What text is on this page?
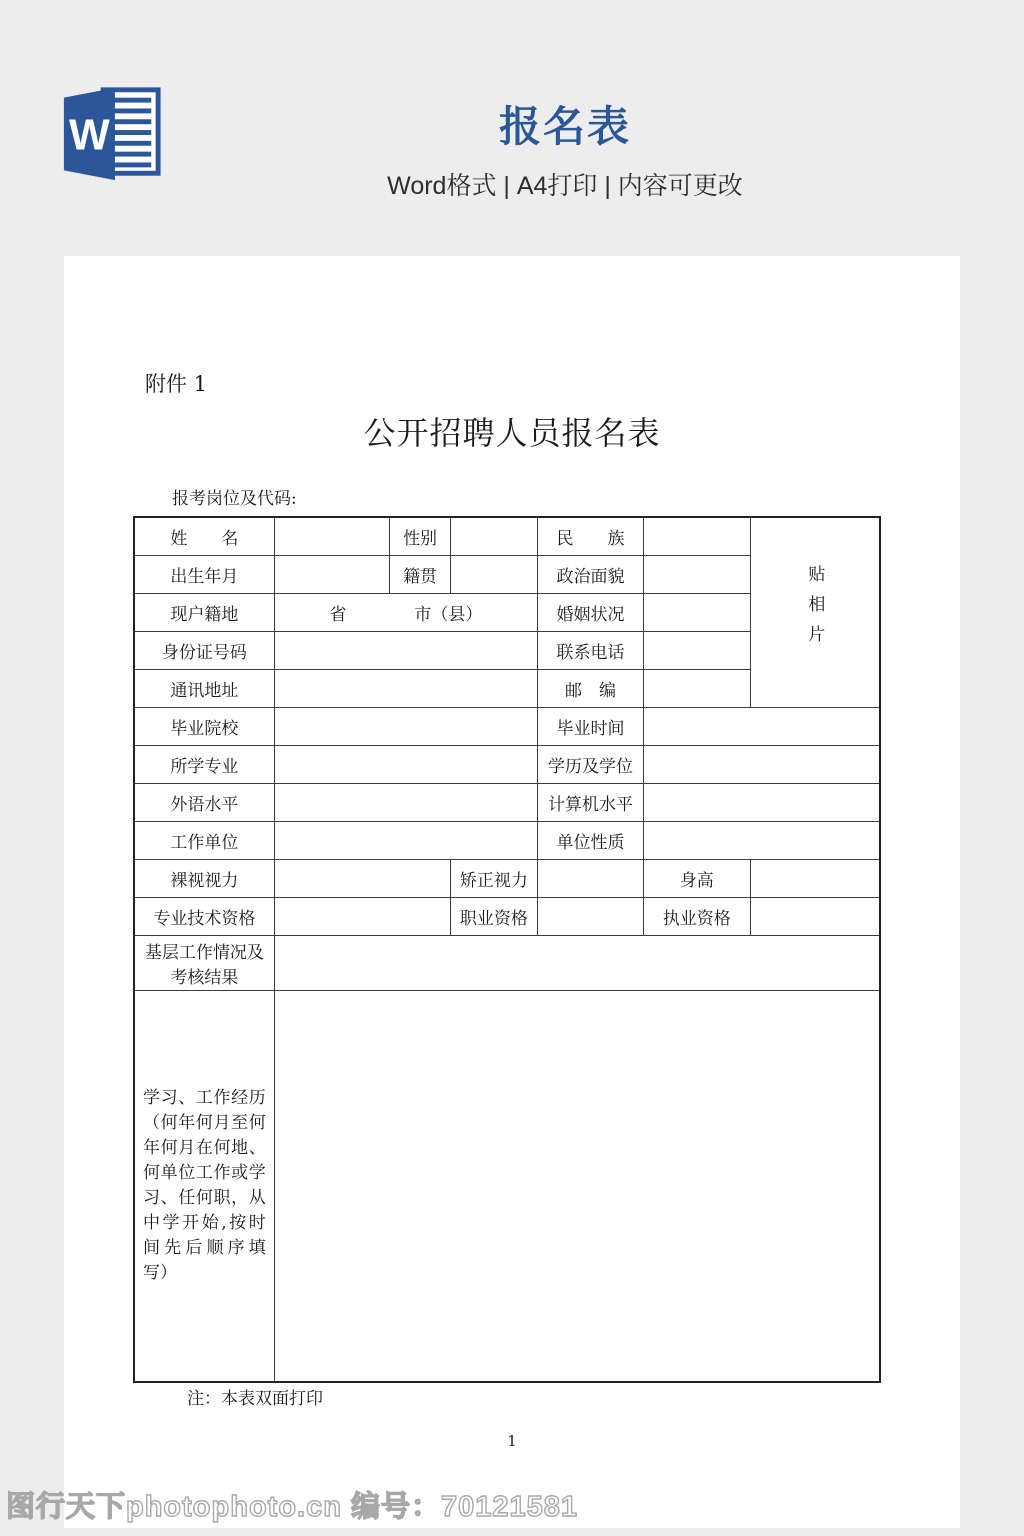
W	报名表
Word格式 | A4打印 | 内容可更改
附件 1
公开招聘人员报名表
报考岗位及代码:
姓　　名		性别		民　　族		贴相片
出生年月		籍贯		政治面貌		
现户籍地	省　　　　市（县）			婚姻状况		
身份证号码				联系电话		
通讯地址				邮　编		
毕业院校				毕业时间		
所学专业				学历及学位		
外语水平				计算机水平		
工作单位				单位性质		
裸视视力			矫正视力		身高	
专业技术资格			职业资格		执业资格	
基层工作情况及考核结果						
学习、工作经历（何年何月至何年何月在何地、何单位工作或学习、任何职，从中学开始,按时间先后顺序填写）						
注：本表双面打印
1
图行天下photophoto.cn 编号：70121581
